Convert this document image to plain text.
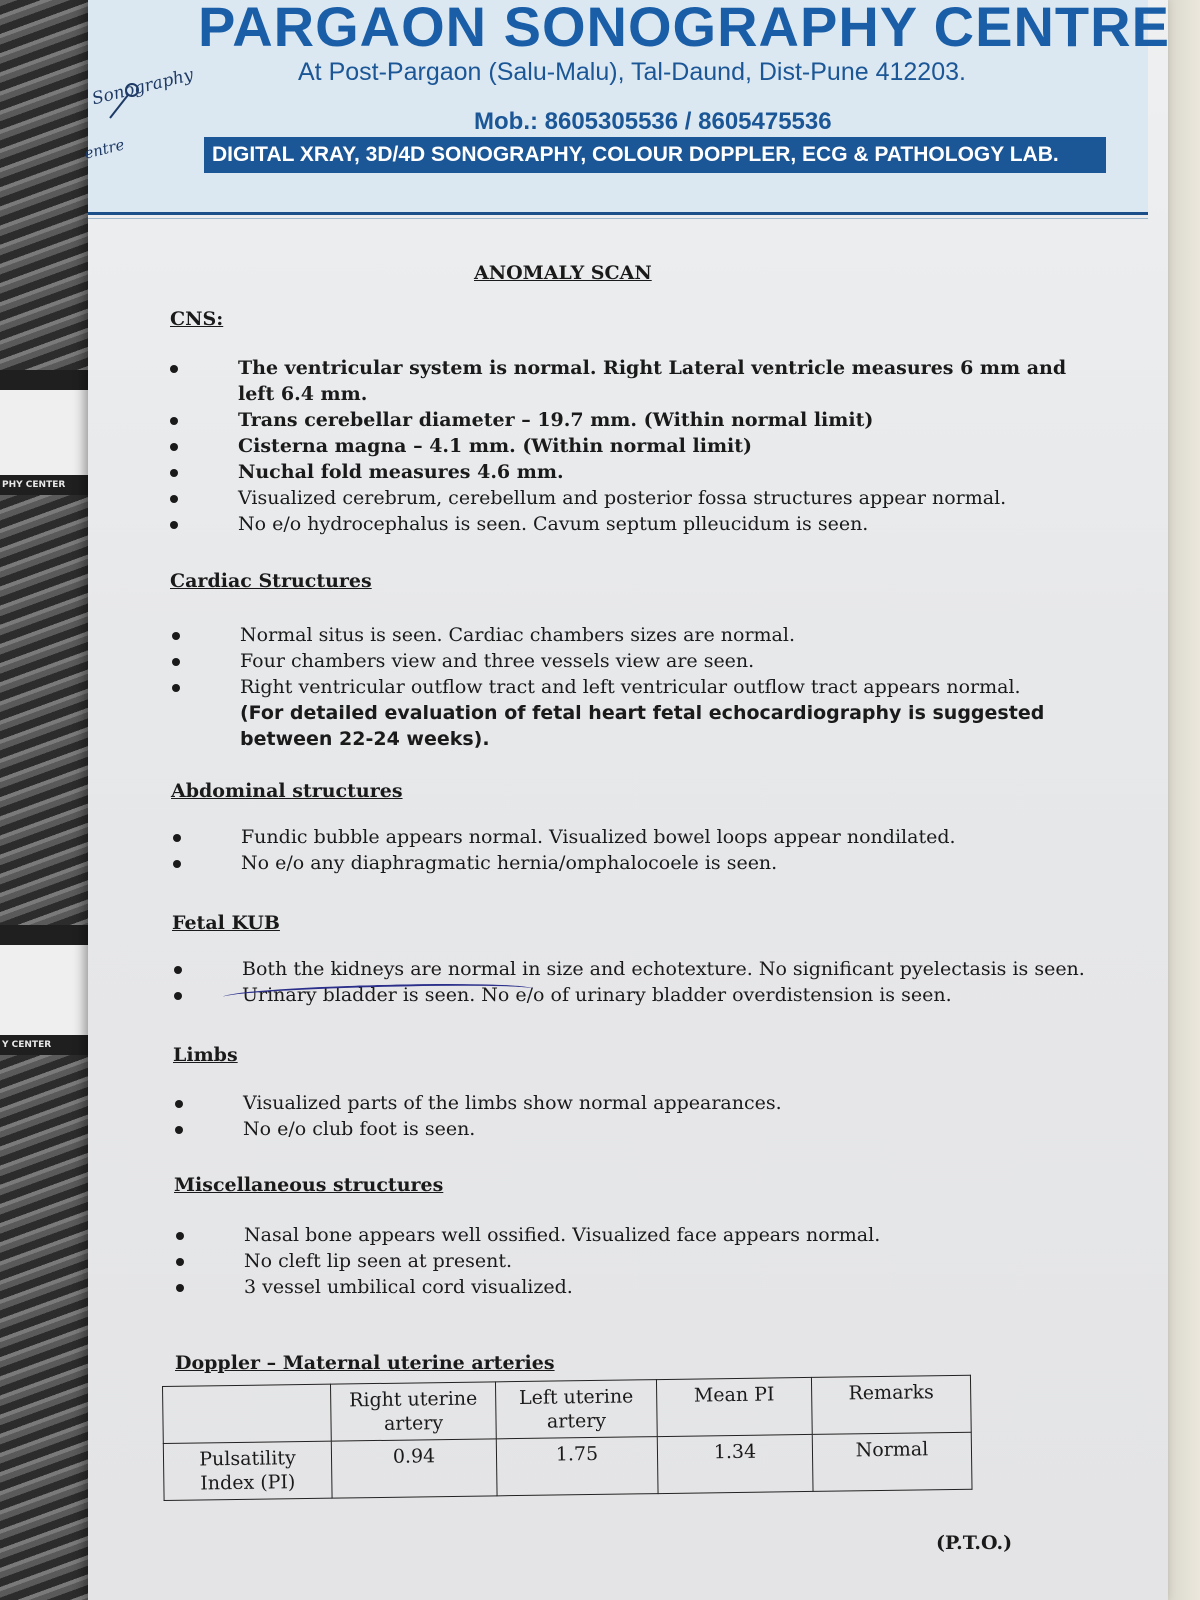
PHY CENTER
Y CENTER
Sonography
entre
PARGAON SONOGRAPHY CENTRE
At Post-Pargaon (Salu-Malu), Tal-Daund, Dist-Pune 412203.
Mob.: 8605305536 / 8605475536
DIGITAL XRAY, 3D/4D SONOGRAPHY, COLOUR DOPPLER, ECG & PATHOLOGY LAB.
ANOMALY SCAN
CNS:
The ventricular system is normal. Right Lateral ventricle measures 6 mm and
left 6.4 mm.
Trans cerebellar diameter – 19.7 mm. (Within normal limit)
Cisterna magna – 4.1 mm. (Within normal limit)
Nuchal fold measures 4.6 mm.
Visualized cerebrum, cerebellum and posterior fossa structures appear normal.
No e/o hydrocephalus is seen. Cavum septum plleucidum is seen.
Cardiac Structures
Normal situs is seen. Cardiac chambers sizes are normal.
Four chambers view and three vessels view are seen.
Right ventricular outflow tract and left ventricular outflow tract appears normal.
(For detailed evaluation of fetal heart fetal echocardiography is suggested
between 22-24 weeks).
Abdominal structures
Fundic bubble appears normal. Visualized bowel loops appear nondilated.
No e/o any diaphragmatic hernia/omphalocoele is seen.
Fetal KUB
Both the kidneys are normal in size and echotexture. No significant pyelectasis is seen.
Urinary bladder is seen. No e/o of urinary bladder overdistension is seen.
Limbs
Visualized parts of the limbs show normal appearances.
No e/o club foot is seen.
Miscellaneous structures
Nasal bone appears well ossified. Visualized face appears normal.
No cleft lip seen at present.
3 vessel umbilical cord visualized.
Doppler – Maternal uterine arteries
	Right uterine artery	Left uterine artery	Mean PI	Remarks
Pulsatility Index (PI)	0.94	1.75	1.34	Normal
(P.T.O.)
